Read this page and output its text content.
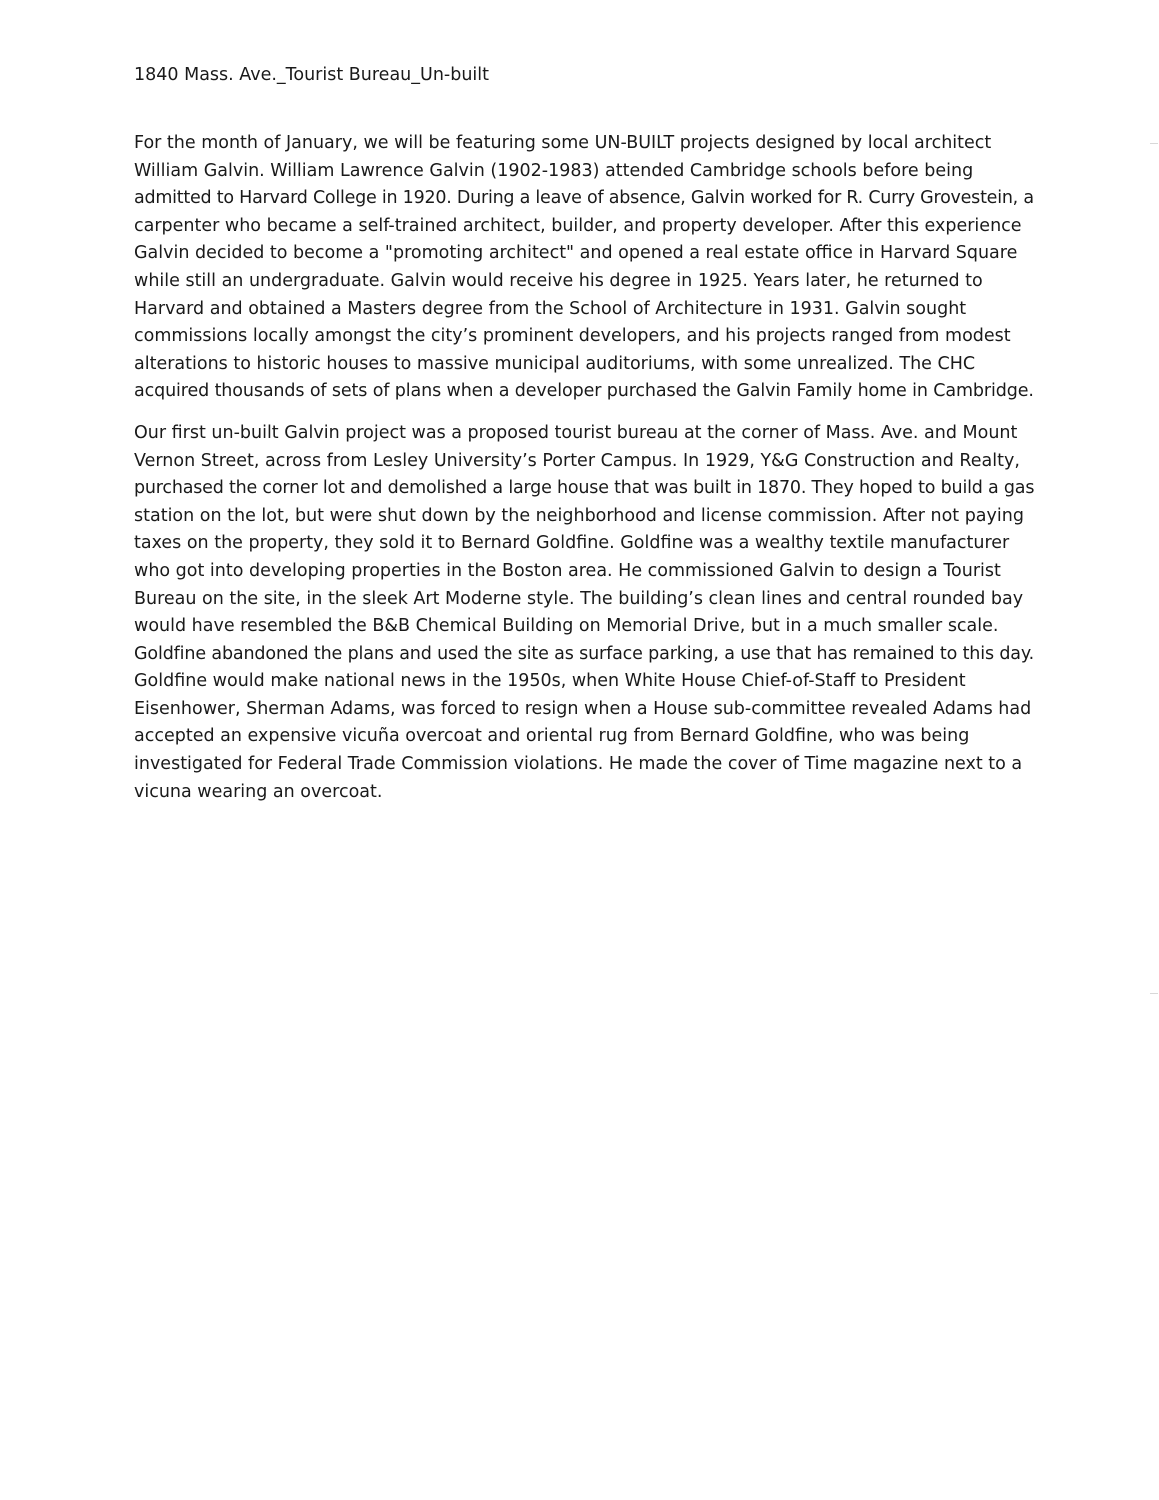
1840 Mass. Ave._Tourist Bureau_Un-built

For the month of January, we will be featuring some UN-BUILT projects designed by local architect
William Galvin. William Lawrence Galvin (1902-1983) attended Cambridge schools before being
admitted to Harvard College in 1920. During a leave of absence, Galvin worked for R. Curry Grovestein, a
carpenter who became a self-trained architect, builder, and property developer. After this experience
Galvin decided to become a "promoting architect" and opened a real estate office in Harvard Square
while still an undergraduate. Galvin would receive his degree in 1925. Years later, he returned to
Harvard and obtained a Masters degree from the School of Architecture in 1931. Galvin sought
commissions locally amongst the city’s prominent developers, and his projects ranged from modest
alterations to historic houses to massive municipal auditoriums, with some unrealized. The CHC
acquired thousands of sets of plans when a developer purchased the Galvin Family home in Cambridge.

Our first un-built Galvin project was a proposed tourist bureau at the corner of Mass. Ave. and Mount
Vernon Street, across from Lesley University’s Porter Campus. In 1929, Y&G Construction and Realty,
purchased the corner lot and demolished a large house that was built in 1870. They hoped to build a gas
station on the lot, but were shut down by the neighborhood and license commission. After not paying
taxes on the property, they sold it to Bernard Goldfine. Goldfine was a wealthy textile manufacturer
who got into developing properties in the Boston area. He commissioned Galvin to design a Tourist
Bureau on the site, in the sleek Art Moderne style. The building’s clean lines and central rounded bay
would have resembled the B&B Chemical Building on Memorial Drive, but in a much smaller scale.
Goldfine abandoned the plans and used the site as surface parking, a use that has remained to this day.
Goldfine would make national news in the 1950s, when White House Chief-of-Staff to President
Eisenhower, Sherman Adams, was forced to resign when a House sub-committee revealed Adams had
accepted an expensive vicuña overcoat and oriental rug from Bernard Goldfine, who was being
investigated for Federal Trade Commission violations. He made the cover of Time magazine next to a
vicuna wearing an overcoat.
